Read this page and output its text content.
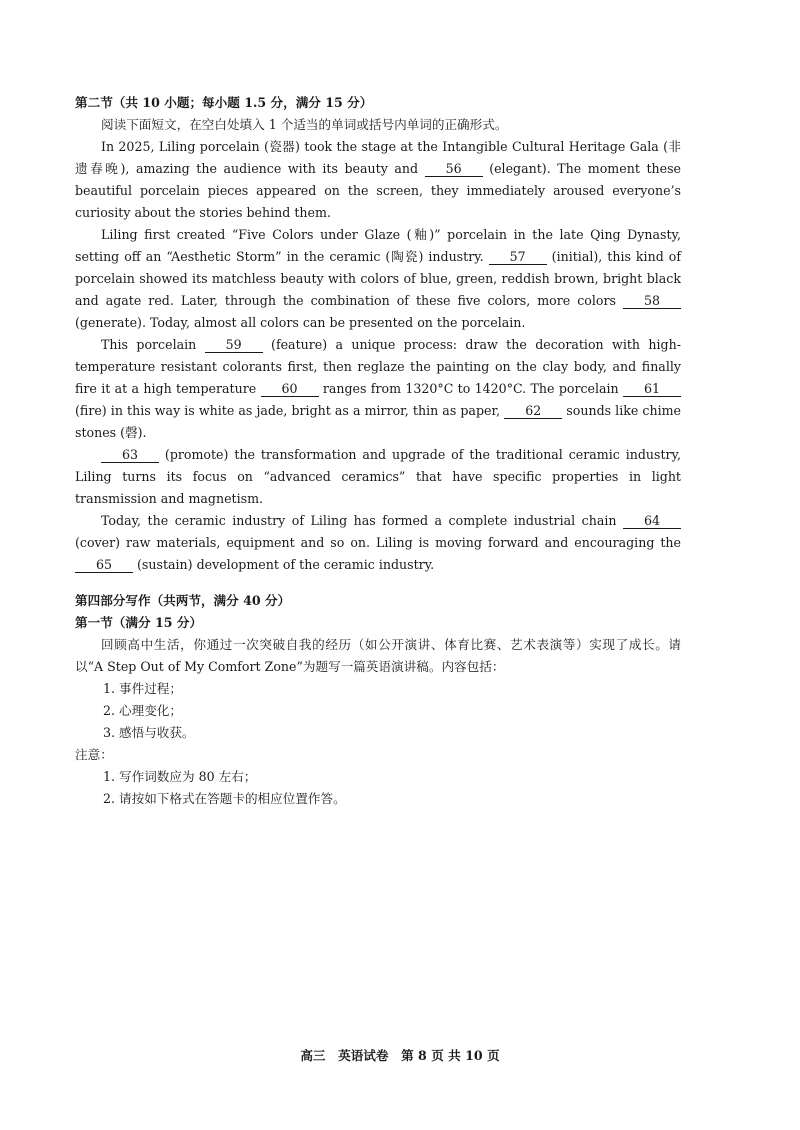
第二节（共 10 小题；每小题 1.5 分，满分 15 分）

阅读下面短文，在空白处填入 1 个适当的单词或括号内单词的正确形式。

In 2025, Liling porcelain (瓷器) took the stage at the Intangible Cultural Heritage Gala (非遗春晚), amazing the audience with its beauty and 56 (elegant). The moment these beautiful porcelain pieces appeared on the screen, they immediately aroused everyone’s curiosity about the stories behind them.

Liling first created “Five Colors under Glaze (釉)” porcelain in the late Qing Dynasty, setting off an “Aesthetic Storm” in the ceramic (陶瓷) industry. 57 (initial), this kind of porcelain showed its matchless beauty with colors of blue, green, reddish brown, bright black and agate red. Later, through the combination of these five colors, more colors 58 (generate). Today, almost all colors can be presented on the porcelain.

This porcelain 59 (feature) a unique process: draw the decoration with high-temperature resistant colorants first, then reglaze the painting on the clay body, and finally fire it at a high temperature 60 ranges from 1320°C to 1420°C. The porcelain 61 (fire) in this way is white as jade, bright as a mirror, thin as paper, 62 sounds like chime stones (磬).

63 (promote) the transformation and upgrade of the traditional ceramic industry, Liling turns its focus on “advanced ceramics” that have specific properties in light transmission and magnetism.

Today, the ceramic industry of Liling has formed a complete industrial chain 64 (cover) raw materials, equipment and so on. Liling is moving forward and encouraging the 65 (sustain) development of the ceramic industry.

第四部分写作（共两节，满分 40 分）

第一节（满分 15 分）

回顾高中生活，你通过一次突破自我的经历（如公开演讲、体育比赛、艺术表演等）实现了成长。请以“A Step Out of My Comfort Zone”为题写一篇英语演讲稿。内容包括：

1. 事件过程；
2. 心理变化；
3. 感悟与收获。

注意：

1. 写作词数应为 80 左右；
2. 请按如下格式在答题卡的相应位置作答。
高三　英语试卷　第 8 页 共 10 页
